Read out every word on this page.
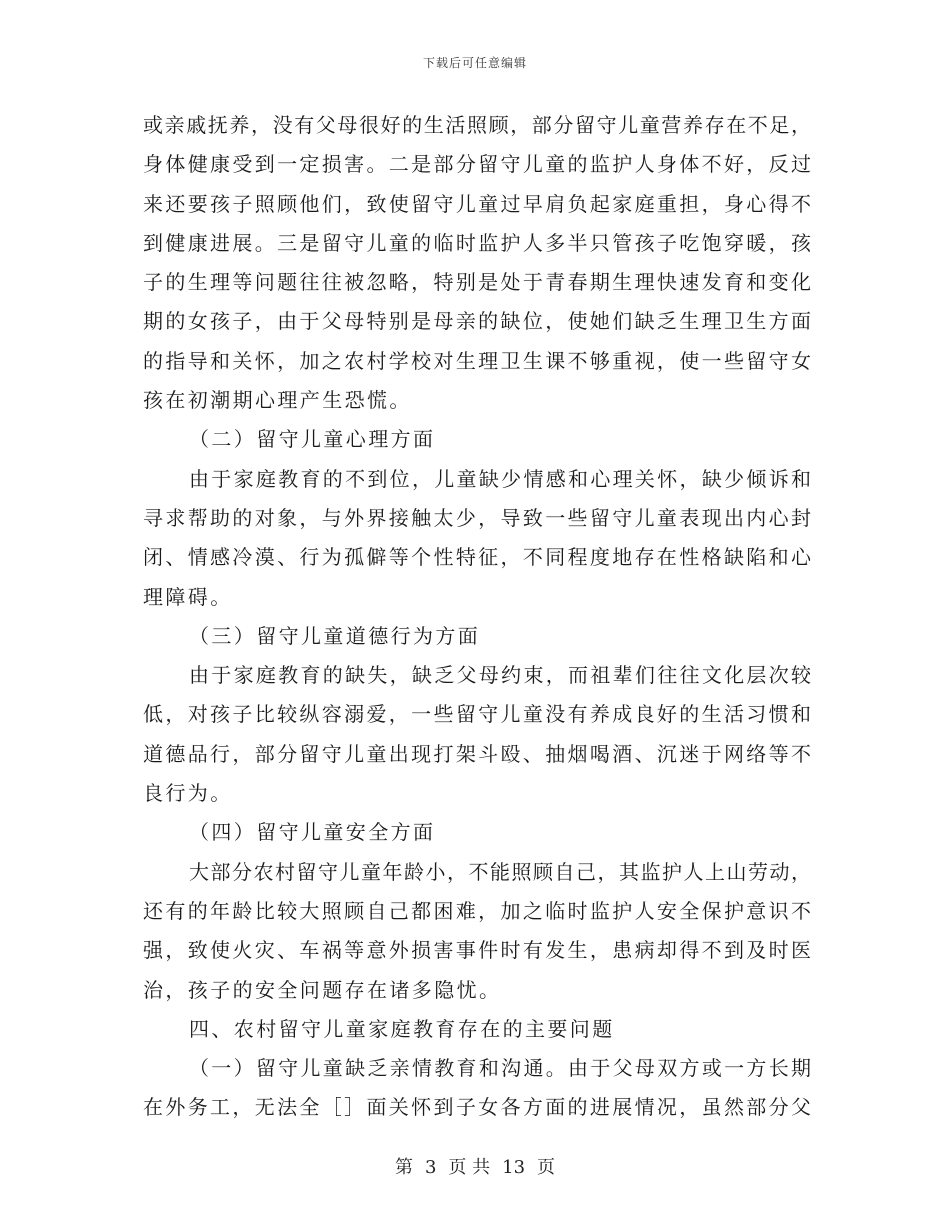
下载后可任意编辑
或亲戚抚养，没有父母很好的生活照顾，部分留守儿童营养存在不足，
身体健康受到一定损害。二是部分留守儿童的监护人身体不好，反过
来还要孩子照顾他们，致使留守儿童过早肩负起家庭重担，身心得不
到健康进展。三是留守儿童的临时监护人多半只管孩子吃饱穿暖，孩
子的生理等问题往往被忽略，特别是处于青春期生理快速发育和变化
期的女孩子，由于父母特别是母亲的缺位，使她们缺乏生理卫生方面
的指导和关怀，加之农村学校对生理卫生课不够重视，使一些留守女
孩在初潮期心理产生恐慌。
（二）留守儿童心理方面
由于家庭教育的不到位，儿童缺少情感和心理关怀，缺少倾诉和
寻求帮助的对象，与外界接触太少，导致一些留守儿童表现出内心封
闭、情感冷漠、行为孤僻等个性特征，不同程度地存在性格缺陷和心
理障碍。
（三）留守儿童道德行为方面
由于家庭教育的缺失，缺乏父母约束，而祖辈们往往文化层次较
低，对孩子比较纵容溺爱，一些留守儿童没有养成良好的生活习惯和
道德品行，部分留守儿童出现打架斗殴、抽烟喝酒、沉迷于网络等不
良行为。
（四）留守儿童安全方面
大部分农村留守儿童年龄小，不能照顾自己，其监护人上山劳动，
还有的年龄比较大照顾自己都困难，加之临时监护人安全保护意识不
强，致使火灾、车祸等意外损害事件时有发生，患病却得不到及时医
治，孩子的安全问题存在诸多隐忧。
四、农村留守儿童家庭教育存在的主要问题
（一）留守儿童缺乏亲情教育和沟通。由于父母双方或一方长期
在外务工，无法全［］面关怀到子女各方面的进展情况，虽然部分父
第 3 页 共 13 页
